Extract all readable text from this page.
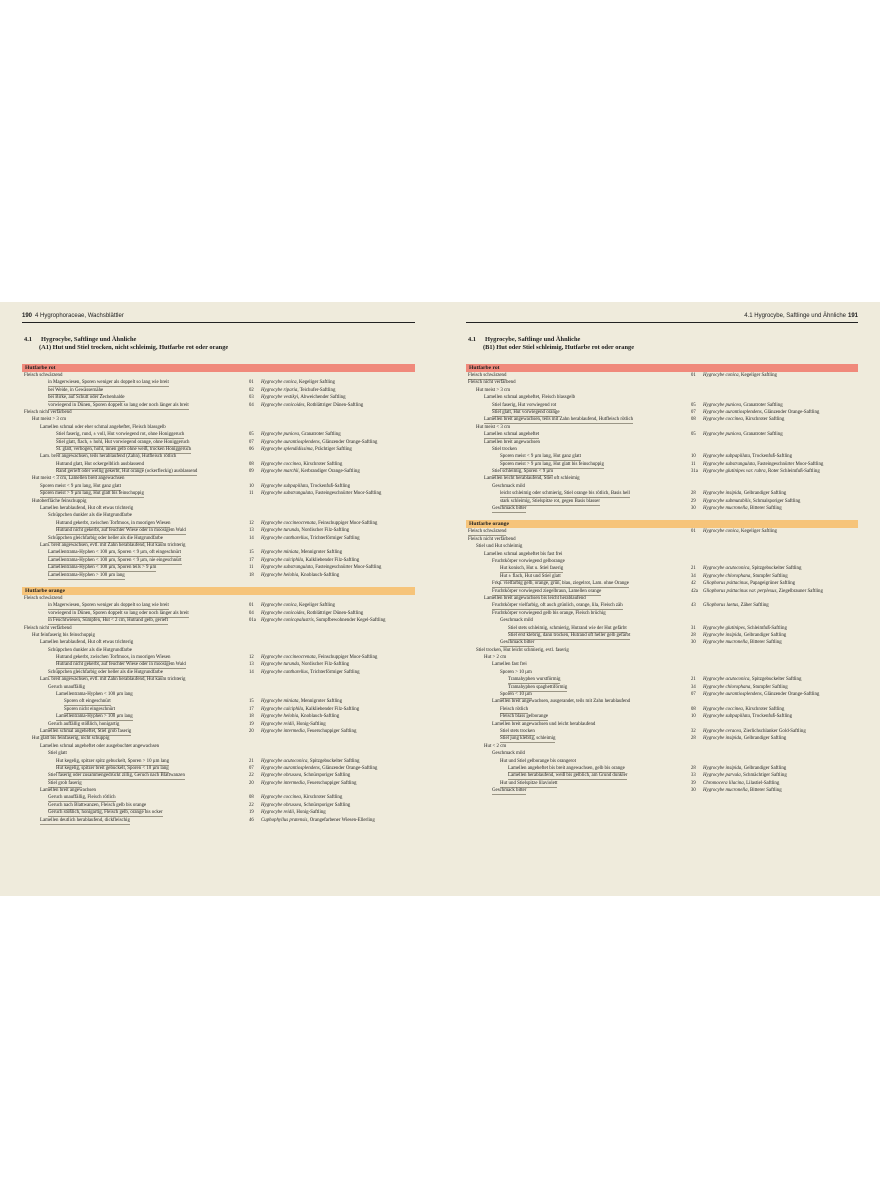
190 4 Hygrophoraceae, Wachsblättler
4.1 Hygrocybe, Saftlinge und Ähnliche
(A1) Hut und Stiel trocken, nicht schleimig, Hutfarbe rot oder orange
Hutfarbe rot
Fleisch schwärzend
in Magerwiesen, Sporen weniger als doppelt so lang wie breit	01 Hygrocybe conica, Kegeliger Saftling
bei Weide, in Gewässernähe	02 Hygrocybe riparia, Teichufer-Saftling
bei Birke, auf Schutt oder Zechenhalde	03 Hygrocybe vestikyi, Abweichender Saftling
vorwiegend in Dünen, Sporen doppelt so lang oder noch länger als breit	04 Hygrocybe conicoides, Rotblättriger Dünen-Saftling
Fleisch nicht verfärbend
Hut meist > 3 cm
Lamellen schmal oder eher schmal angeheftet, Fleisch blassgelb
Stiel faserig, rund, ± voll, Hut vorwiegend rot, ohne Honiggeruch	05 Hygrocybe punicea, Granatroter Saftling
Stiel glatt, flach, ± hohl, Hut vorwiegend orange, ohne Honiggeruch	07 Hygrocybe aurantiosplendens, Glänzender Orange-Saftling
St. glatt, verbogen, hohl, innen gelb ohne weiß, trocken Honiggeruch	06 Hygrocybe splendidissima, Prächtiger Saftling
Lam. breit angewachsen, teils herablaufend (Zahn), Hutfleisch rötlich
Hutrand glatt, Hut ockergelblich ausblassend	08 Hygrocybe coccinea, Kirschroter Saftling
Rand gerieft oder wellig gekerbt, Hut orange (ockerfleckig) ausblassend	09 Hygrocybe marchii, Kerbrandiger Orange-Saftling
Hut meist < 3 cm, Lamellen breit angewachsen
Sporen meist < 9 µm lang, Hut ganz glatt	10 Hygrocybe subpapillata, Trockenfuß-Saftling
Sporen meist > 9 µm lang, Hut glatt bis feinschuppig	11 Hygrocybe substrangulata, Fasteingeschnürter Moor-Saftling
Hutoberfläche feinschuppig
Lamellen herablaufend, Hut oft etwas trichterig
Schüppchen dunkler als die Hutgrundfarbe
Hutrand gekerbt, zwischen Torfmoos, in moorigen Wiesen	12 Hygrocybe coccineocrenata, Feinschuppiger Moor-Saftling
Hutrand nicht gekerbt, auf feuchter Wiese oder in moosigem Wald	13 Hygrocybe turunda, Nordischer Filz-Saftling
Schüppchen gleichfarbig oder heller als die Hutgrundfarbe	14 Hygrocybe cantharellus, Trichterförmiger Saftling
Lam. breit angewachsen, evtl. mit Zahn herablaufend, Hut kaum trichterig
Lamellentrama-Hyphen < 100 µm, Sporen < 9 µm, oft eingeschnürt	15 Hygrocybe miniata, Mennigroter Saftling
Lamellentrama-Hyphen < 100 µm, Sporen < 9 µm, nie eingeschnürt	17 Hygrocybe calciphila, Kalkliebender Filz-Saftling
Lamellentrama-Hyphen < 100 µm, Sporen teils > 9 µm	11 Hygrocybe substrangulata, Fasteingeschnürter Moor-Saftling
Lamellentrama-Hyphen > 100 µm lang	18 Hygrocybe helobia, Knoblauch-Saftling
Hutfarbe orange
Fleisch schwärzend
in Magerwiesen, Sporen weniger als doppelt so lang wie breit	01 Hygrocybe conica, Kegeliger Saftling
vorwiegend in Dünen, Sporen doppelt so lang oder noch länger als breit	04 Hygrocybe conicoides, Rotblättriger Dünen-Saftling
in Feuchtwiesen, Sümpfen, Hut < 2 cm, Hutrand gelb, gerieft	01a Hygrocybe conicopalustris, Sumpfbewohnender Kegel-Saftling
Fleisch nicht verfärbend
Hut feinfaserig bis feinschuppig
Lamellen herablaufend, Hut oft etwas trichterig
Schüppchen dunkler als die Hutgrundfarbe
Hutrand gekerbt, zwischen Torfmoos, in moorigen Wiesen	12 Hygrocybe coccineocrenata, Feinschuppiger Moor-Saftling
Hutrand nicht gekerbt, auf feuchter Wiese oder in moosigem Wald	13 Hygrocybe turunda, Nordischer Filz-Saftling
Schüppchen gleichfarbig oder heller als die Hutgrundfarbe	14 Hygrocybe cantharellus, Trichterförmiger Saftling
Lam. breit angewachsen, evtl. mit Zahn herablaufend, Hut kaum trichterig
Geruch unauffällig
Lamellentrama-Hyphen < 100 µm lang
Sporen oft eingeschnürt	15 Hygrocybe miniata, Mennigroter Saftling
Sporen nicht eingeschnürt	17 Hygrocybe calciphila, Kalkliebender Filz-Saftling
Lamellentrama-Hyphen > 100 µm lang	18 Hygrocybe helobia, Knoblauch-Saftling
Geruch auffällig stößlich, honigartig	19 Hygrocybe reidii, Honig-Saftling
Lamellen schmal angeheftet, Stiel grob faserig	20 Hygrocybe intermedia, Feuerschuppiger Saftling
Hut glatt bis feinfaserig, nicht schuppig
Lamellen schmal angeheftet oder ausgebuchtet angewachsen
Stiel glatt
Hut kegelig, spitzer spitz gebuckelt, Sporen > 10 µm lang	21 Hygrocybe acutoconica, Spitzgebuckelter Saftling
Hut kegelig, spitzer breit gebuckelt, Sporen < 10 µm lang	07 Hygrocybe aurantiosplendens, Glänzender Orange-Saftling
Stiel faserig oder zusammengedrückt zillig, Geruch nach Blattwanzen	22 Hygrocybe obrussea, Schnürsporiger Saftling
Stiel grob faserig	20 Hygrocybe intermedia, Feuerschuppiger Saftling
Lamellen breit angewachsen
Geruch unauffällig, Fleisch rötlich	08 Hygrocybe coccinea, Kirschroter Saftling
Geruch nach Blattwanzen, Fleisch gelb bis orange	22 Hygrocybe obrussea, Schnürsporiger Saftling
Geruch stößlich, honigartig, Fleisch gelb, orange bis ocker	19 Hygrocybe reidii, Honig-Saftling
Lamellen deutlich herablaufend, dickfleischig	46 Cuphophyllus pratensis, Orangefarbener Wiesen-Ellerling
4.1 Hygrocybe, Saftlinge und Ähnliche 191
4.1 Hygrocybe, Saftlinge und Ähnliche
(B1) Hut oder Stiel schleimig, Hutfarbe rot oder orange
Hutfarbe rot
Fleisch schwärzend	01 Hygrocybe conica, Kegeliger Saftling
Fleisch nicht verfärbend
Hut meist > 3 cm
Lamellen schmal angeheftet, Fleisch blassgelb
Stiel faserig, Hut vorwiegend rot	05 Hygrocybe punicea, Granatroter Saftling
Stiel glatt, Hut vorwiegend orange	07 Hygrocybe aurantiosplendens, Glänzender Orange-Saftling
Lamellen breit angewachsen, teils mit Zahn herablaufend, Hutfleisch rötlich	08 Hygrocybe coccinea, Kirschroter Saftling
Hut meist < 3 cm
Lamellen schmal angeheftet	05 Hygrocybe punicea, Granatroter Saftling
Lamellen breit angewachsen
Stiel trocken
Sporen meist < 9 µm lang, Hut ganz glatt	10 Hygrocybe subpapillata, Trockenfuß-Saftling
Sporen meist > 9 µm lang, Hut glatt bis feinschuppig	11 Hygrocybe substrangulata, Fasteingeschnürter Moor-Saftling
Stiel schleimig, Sporen < 9 µm	31a Hygrocybe glutinipes var. rubra, Roter Schleimfuß-Saftling
Lamellen leicht herablaufend, Stiel oft schleimig
Geschmack mild
leicht schleimig oder schmierig, Stiel orange bis rötlich, Basis hell	28 Hygrocybe insipida, Gelbrandiger Saftling
stark schleimig, Stielspitze rot, gegen Basis blasser	29 Hygrocybe submutabilis, Schmalsporiger Saftling
Geschmack bitter	30 Hygrocybe mucronella, Bitterer Saftling
Hutfarbe orange
Fleisch schwärzend	01 Hygrocybe conica, Kegeliger Saftling
Fleisch nicht verfärbend
Stiel und Hut schleimig
Lamellen schmal angeheftet bis fast frei
Fruchtkörper vorwiegend gelborange
Hut konisch, Hut u. Stiel faserig	21 Hygrocybe acutoconica, Spitzgebuckelter Saftling
Hut ± flach, Hut und Stiel glatt	34 Hygrocybe chlorophana, Stumpfer Saftling
Frkp. vielfarbig gelb, orange, grün, blau, ziegelrot, Lam. ohne Orange	42 Gliophorus psittacinus, Papageigrüner Saftling
Fruchtkörper vorwiegend ziegelbraun, Lamellen orange	42a Gliophorus psittacinus var. perplexus, Ziegelbrauner Saftling
Lamellen breit angewachsen bis leicht herablaufend
Fruchtkörper vielfarbig, oft auch grünlich, orange, lila, Fleisch zäh	43 Gliophorus laetus, Zäher Saftling
Fruchtkörper vorwiegend gelb bis orange, Fleisch brüchig
Geschmack mild
Stiel stets schleimig, schmierig, Hutrand wie der Hut gefärbt	31 Hygrocybe glutinipes, Schleimfuß-Saftling
Stiel erst klebrig, dann trocken, Hutrand oft heller gelb gefärbt	28 Hygrocybe insipida, Gelbrandiger Saftling
Geschmack bitter	30 Hygrocybe mucronella, Bitterer Saftling
Stiel trocken, Hut leicht schmierig, evtl. faserig
Hut > 2 cm
Lamellen fast frei
Sporen > 10 µm
Tramahyphen wurstförmig	21 Hygrocybe acutoconica, Spitzgebuckelter Saftling
Tramahyphen spaghettiförmig	34 Hygrocybe chlorophana, Stumpfer Saftling
Sporen < 10 µm	07 Hygrocybe aurantiosplendens, Glänzender Orange-Saftling
Lamellen breit angewachsen, ausgerandet, teils mit Zahn herablaufend
Fleisch rötlich	08 Hygrocybe coccinea, Kirschroter Saftling
Fleisch blass gelborange	10 Hygrocybe subpapillata, Trockenfuß-Saftling
Lamellen breit angewachsen und leicht herablaufend
Stiel stets trocken	32 Hygrocybe ceracea, Zierlichschlanker Gold-Saftling
Stiel jung klebrig, schleimig	28 Hygrocybe insipida, Gelbrandiger Saftling
Hut < 2 cm
Geschmack mild
Hut und Stiel gelborange bis orangerot
Lamellen angeheftet bis breit angewachsen, gelb bis orange	28 Hygrocybe insipida, Gelbrandiger Saftling
Lamellen herablaufend, weiß bis gelblich, am Grund dunkler	33 Hygrocybe parvula, Schmächtiger Saftling
Hut und Stielspitze lilaviolett	39 Chromocera lilacina, Lilastiel-Saftling
Geschmack bitter	30 Hygrocybe mucronella, Bitterer Saftling
